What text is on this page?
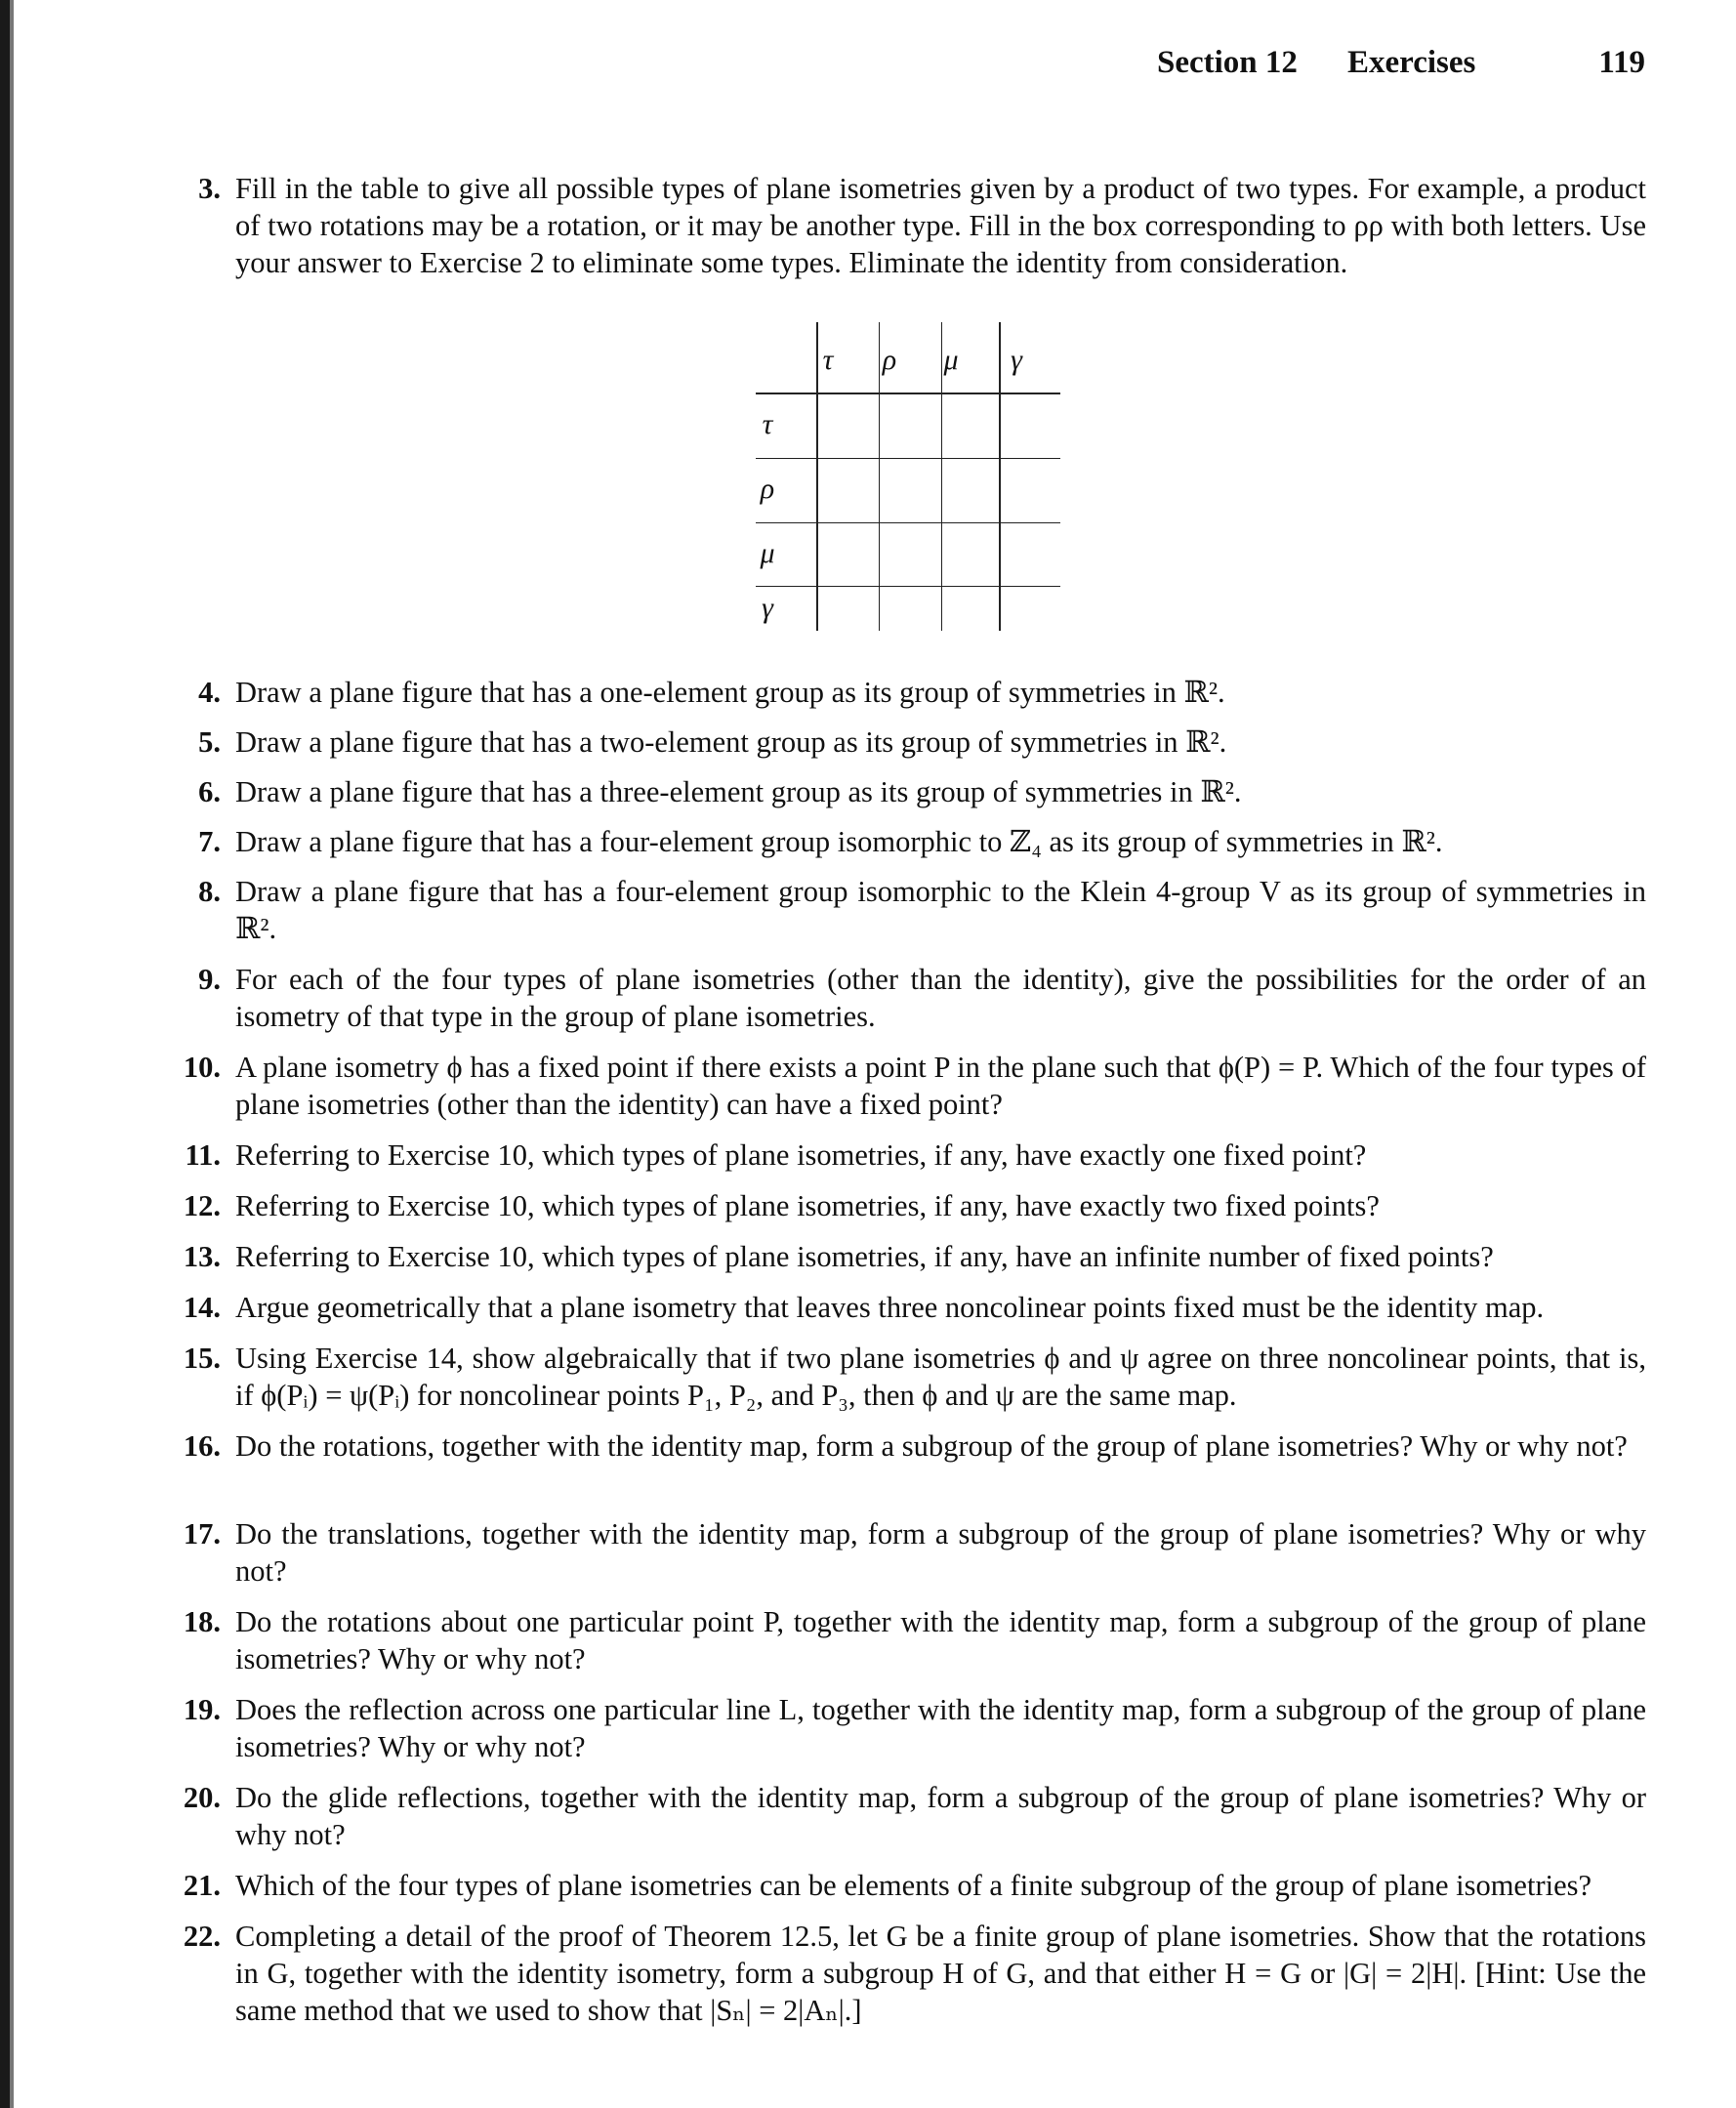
Section 12 Exercises	119
3. Fill in the table to give all possible types of plane isometries given by a product of two types. For example, a product of two rotations may be a rotation, or it may be another type. Fill in the box corresponding to ρρ with both letters. Use your answer to Exercise 2 to eliminate some types. Eliminate the identity from consideration.
τ	ρ	μ	γ
τ
ρ
μ
γ
4. Draw a plane figure that has a one-element group as its group of symmetries in ℝ².
5. Draw a plane figure that has a two-element group as its group of symmetries in ℝ².
6. Draw a plane figure that has a three-element group as its group of symmetries in ℝ².
7. Draw a plane figure that has a four-element group isomorphic to ℤ₄ as its group of symmetries in ℝ².
8. Draw a plane figure that has a four-element group isomorphic to the Klein 4-group V as its group of symmetries in ℝ².
9. For each of the four types of plane isometries (other than the identity), give the possibilities for the order of an isometry of that type in the group of plane isometries.
10. A plane isometry ϕ has a fixed point if there exists a point P in the plane such that ϕ(P) = P. Which of the four types of plane isometries (other than the identity) can have a fixed point?
11. Referring to Exercise 10, which types of plane isometries, if any, have exactly one fixed point?
12. Referring to Exercise 10, which types of plane isometries, if any, have exactly two fixed points?
13. Referring to Exercise 10, which types of plane isometries, if any, have an infinite number of fixed points?
14. Argue geometrically that a plane isometry that leaves three noncolinear points fixed must be the identity map.
15. Using Exercise 14, show algebraically that if two plane isometries ϕ and ψ agree on three noncolinear points, that is, if ϕ(Pᵢ) = ψ(Pᵢ) for noncolinear points P₁, P₂, and P₃, then ϕ and ψ are the same map.
16. Do the rotations, together with the identity map, form a subgroup of the group of plane isometries? Why or why not?
17. Do the translations, together with the identity map, form a subgroup of the group of plane isometries? Why or why not?
18. Do the rotations about one particular point P, together with the identity map, form a subgroup of the group of plane isometries? Why or why not?
19. Does the reflection across one particular line L, together with the identity map, form a subgroup of the group of plane isometries? Why or why not?
20. Do the glide reflections, together with the identity map, form a subgroup of the group of plane isometries? Why or why not?
21. Which of the four types of plane isometries can be elements of a finite subgroup of the group of plane isometries?
22. Completing a detail of the proof of Theorem 12.5, let G be a finite group of plane isometries. Show that the rotations in G, together with the identity isometry, form a subgroup H of G, and that either H = G or |G| = 2|H|. [Hint: Use the same method that we used to show that |Sₙ| = 2|Aₙ|.]
